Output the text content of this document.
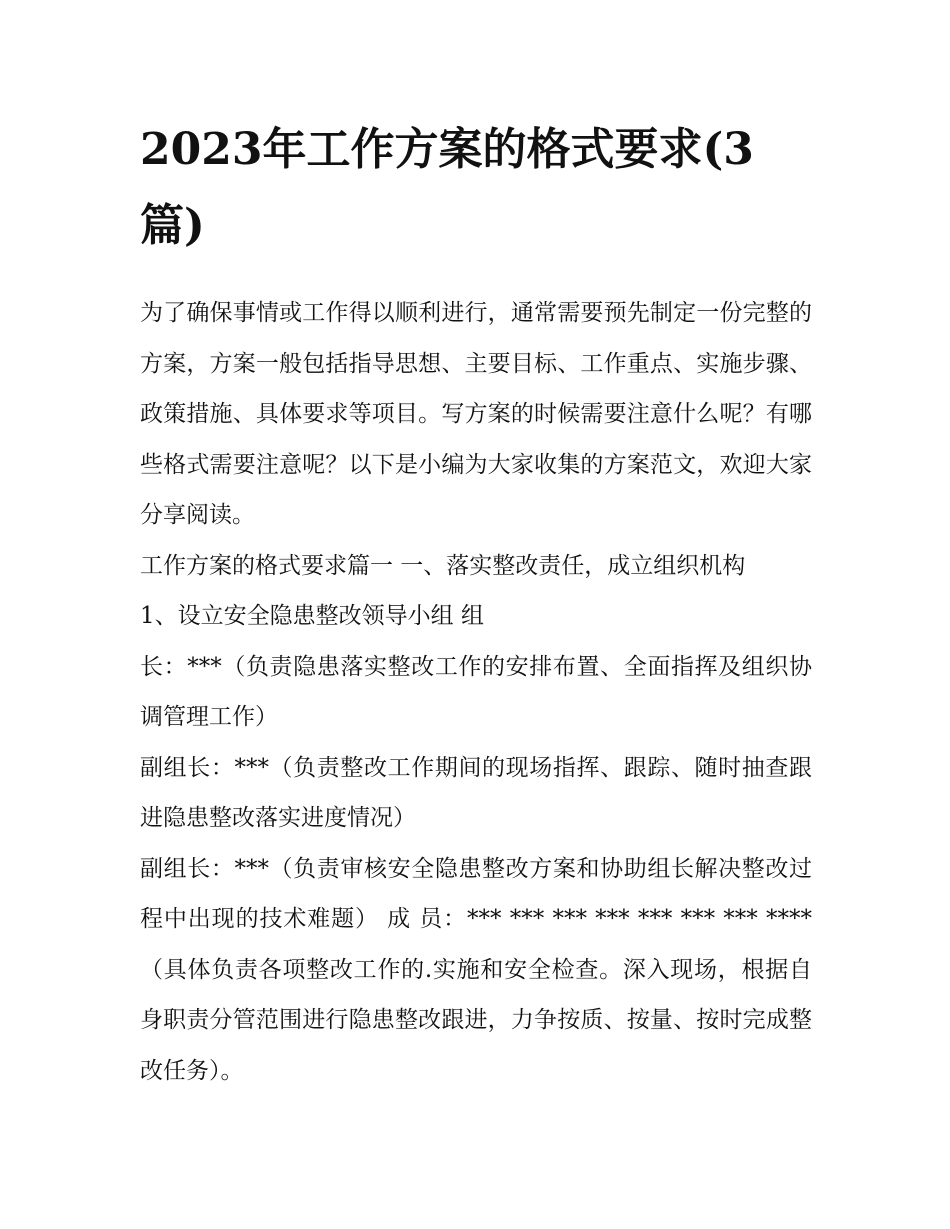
2023年工作方案的格式要求(3篇)

为了确保事情或工作得以顺利进行，通常需要预先制定一份完整的方案，方案一般包括指导思想、主要目标、工作重点、实施步骤、政策措施、具体要求等项目。写方案的时候需要注意什么呢？有哪些格式需要注意呢？以下是小编为大家收集的方案范文，欢迎大家分享阅读。

工作方案的格式要求篇一 一、落实整改责任，成立组织机构

1、设立安全隐患整改领导小组 组

长：***（负责隐患落实整改工作的安排布置、全面指挥及组织协调管理工作）

副组长：***（负责整改工作期间的现场指挥、跟踪、随时抽查跟进隐患整改落实进度情况）

副组长：***（负责审核安全隐患整改方案和协助组长解决整改过程中出现的技术难题） 成 员：*** *** *** *** *** *** *** ****（具体负责各项整改工作的.实施和安全检查。深入现场，根据自身职责分管范围进行隐患整改跟进，力争按质、按量、按时完成整改任务）。
